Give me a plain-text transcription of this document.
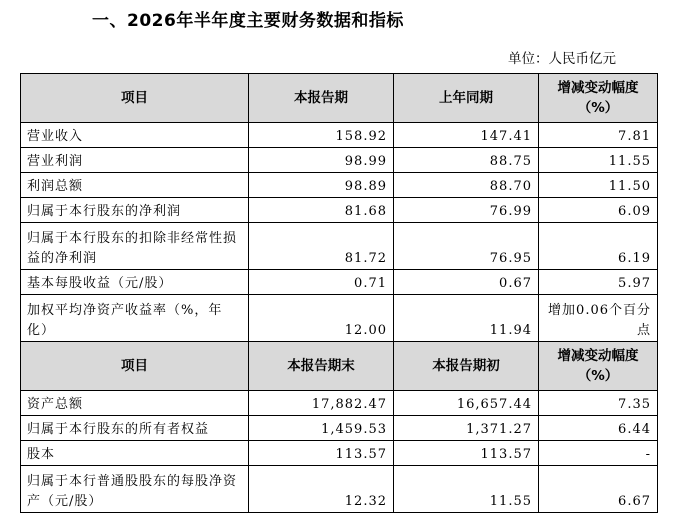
一、2026年半年度主要财务数据和指标
单位：人民币亿元
项目	本报告期	上年同期	增减变动幅度（%）
营业收入	158.92	147.41	7.81
营业利润	98.99	88.75	11.55
利润总额	98.89	88.70	11.50
归属于本行股东的净利润	81.68	76.99	6.09
归属于本行股东的扣除非经常性损益的净利润	81.72	76.95	6.19
基本每股收益（元/股）	0.71	0.67	5.97
加权平均净资产收益率（%，年化）	12.00	11.94	增加0.06个百分点
项目	本报告期末	本报告期初	增减变动幅度（%）
资产总额	17,882.47	16,657.44	7.35
归属于本行股东的所有者权益	1,459.53	1,371.27	6.44
股本	113.57	113.57	-
归属于本行普通股股东的每股净资产（元/股）	12.32	11.55	6.67
